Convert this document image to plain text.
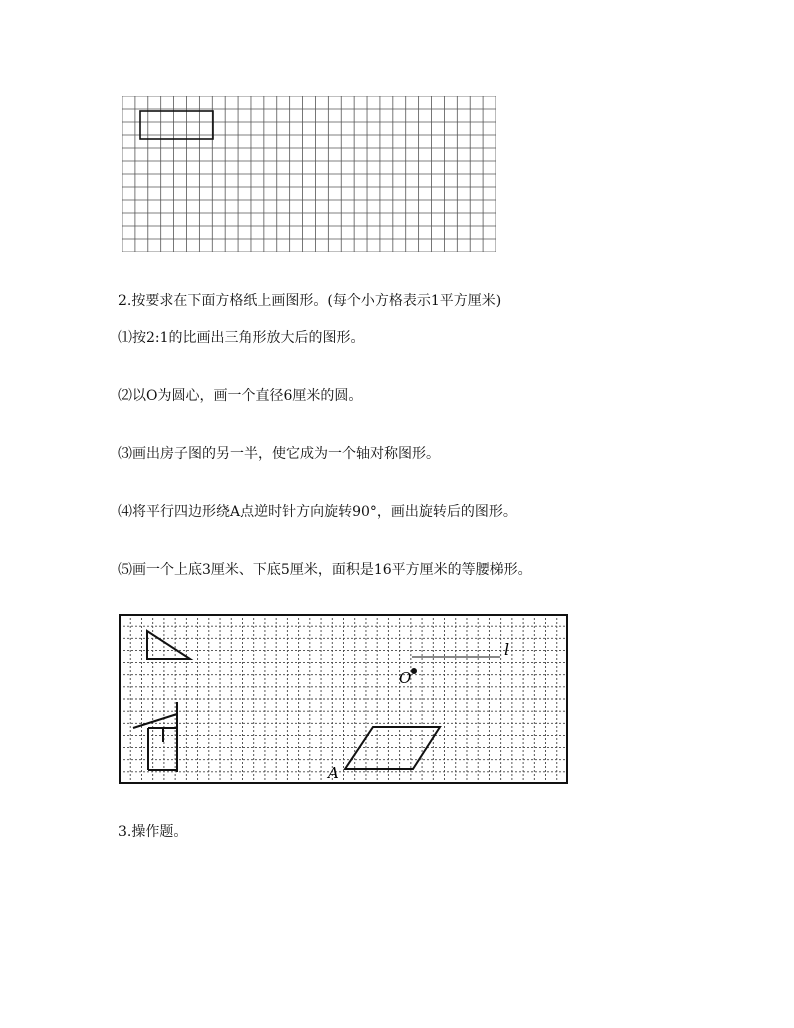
2.按要求在下面方格纸上画图形。(每个小方格表示1平方厘米)
⑴按2:1的比画出三角形放大后的图形。
⑵以O为圆心，画一个直径6厘米的圆。
⑶画出房子图的另一半，使它成为一个轴对称图形。
⑷将平行四边形绕A点逆时针方向旋转90°，画出旋转后的图形。
⑸画一个上底3厘米、下底5厘米，面积是16平方厘米的等腰梯形。
l
O
A
3.操作题。
